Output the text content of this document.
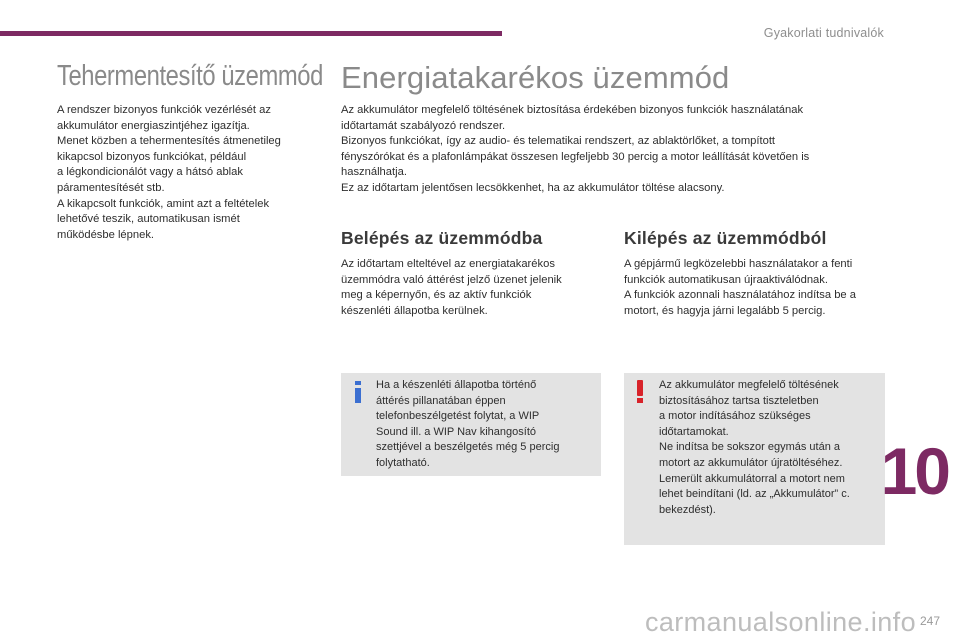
Gyakorlati tudnivalók
Tehermentesítő üzemmód

A rendszer bizonyos funkciók vezérlését az

akkumulátor energiaszintjéhez igazítja.

Menet közben a tehermentesítés átmenetileg

kikapcsol bizonyos funkciókat, például

a légkondicionálót vagy a hátsó ablak

páramentesítését stb.

A kikapcsolt funkciók, amint azt a feltételek

lehetővé teszik, automatikusan ismét

működésbe lépnek.

Energiatakarékos üzemmód

Az akkumulátor megfelelő töltésének biztosítása érdekében bizonyos funkciók használatának

időtartamát szabályozó rendszer.

Bizonyos funkciókat, így az audio- és telematikai rendszert, az ablaktörlőket, a tompított

fényszórókat és a plafonlámpákat összesen legfeljebb 30 percig a motor leállítását követően is

használhatja.

Ez az időtartam jelentősen lecsökkenhet, ha az akkumulátor töltése alacsony.

Belépés az üzemmódba

Az időtartam elteltével az energiatakarékos

üzemmódra való áttérést jelző üzenet jelenik

meg a képernyőn, és az aktív funkciók

készenléti állapotba kerülnek.

Ha a készenléti állapotba történő

áttérés pillanatában éppen

telefonbeszélgetést folytat, a WIP

Sound ill. a WIP Nav kihangosító

szettjével a beszélgetés még 5 percig

folytatható.

Kilépés az üzemmódból

A gépjármű legközelebbi használatakor a fenti

funkciók automatikusan újraaktiválódnak.

A funkciók azonnali használatához indítsa be a

motort, és hagyja járni legalább 5 percig.

Az akkumulátor megfelelő töltésének

biztosításához tartsa tiszteletben

a motor indításához szükséges

időtartamokat.

Ne indítsa be sokszor egymás után a

motort az akkumulátor újratöltéséhez.

Lemerült akkumulátorral a motort nem

lehet beindítani (ld. az „Akkumulátor” c.

bekezdést).

10
247
carmanualsonline.info
